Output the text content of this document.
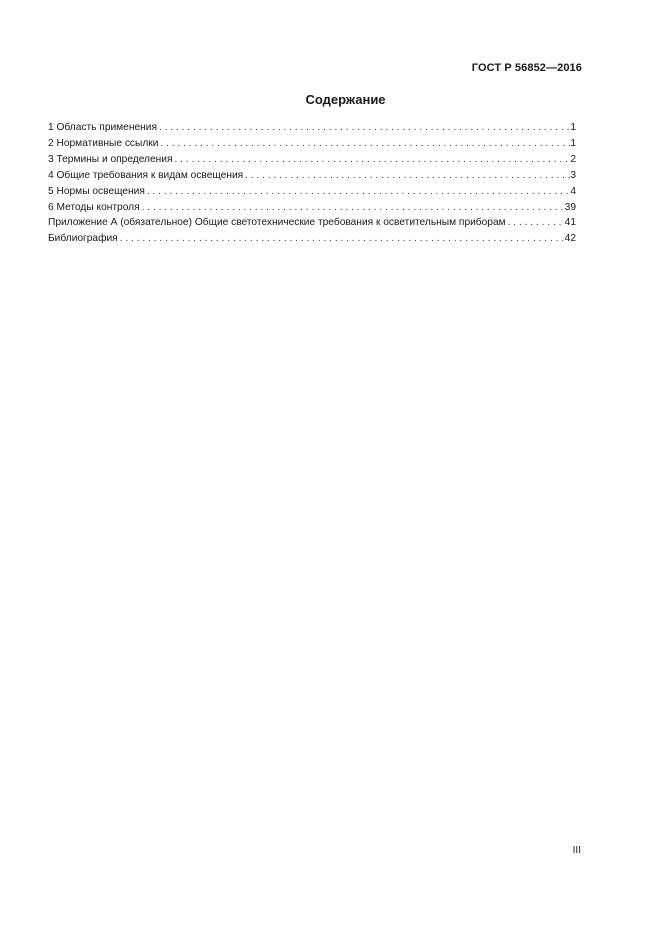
ГОСТ Р 56852—2016
Содержание
1 Область применения . . .	1
2 Нормативные ссылки . . .	1
3 Термины и определения . . .	2
4 Общие требования к видам освещения . . .	3
5 Нормы освещения . . .	4
6 Методы контроля . . .	39
Приложение А (обязательное) Общие светотехнические требования к осветительным приборам . . .	41
Библиография . . .	42
III
